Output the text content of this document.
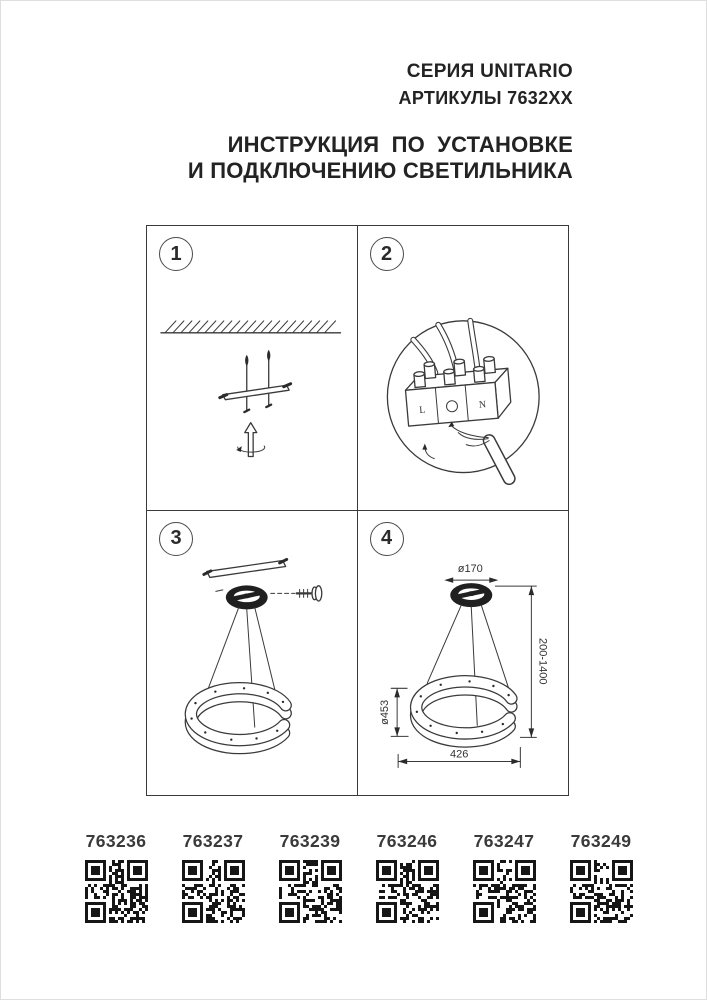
СЕРИЯ UNITARIO
АРТИКУЛЫ 7632XX
ИНСТРУКЦИЯ ПО УСТАНОВКЕ
И ПОДКЛЮЧЕНИЮ СВЕТИЛЬНИКА
1	2
L	N
3	4
ø170
200-1400
ø453
426
763236 763237 763239 763246 763247 763249
